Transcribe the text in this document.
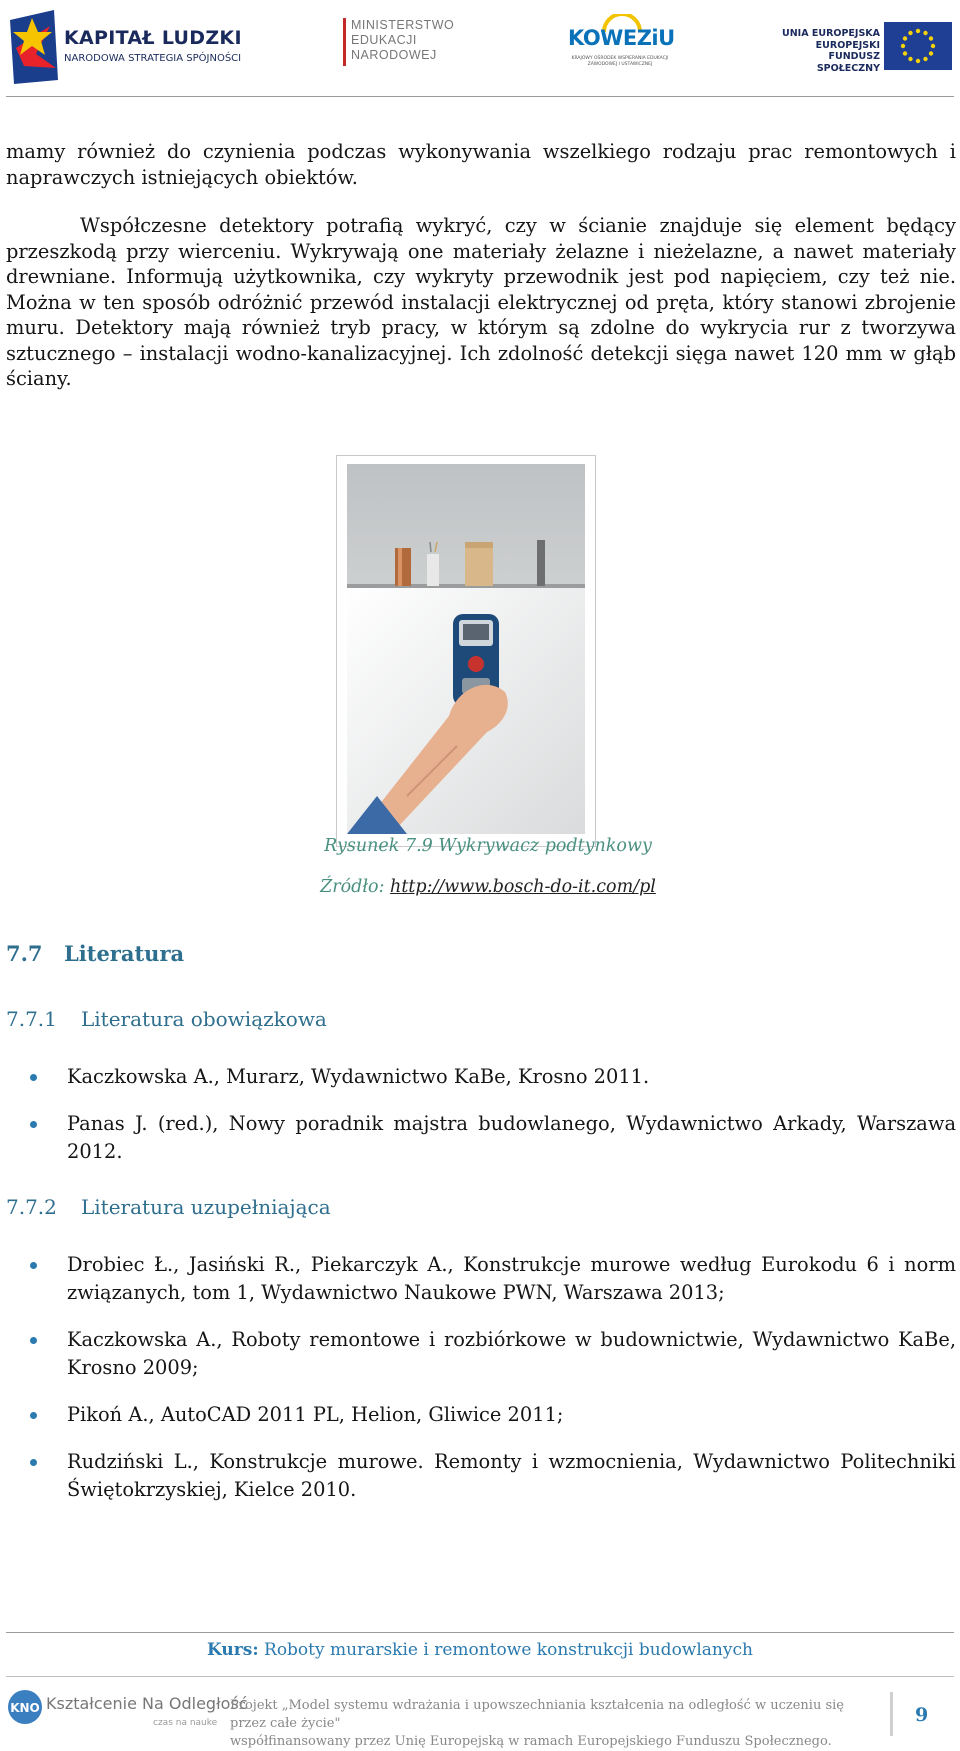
KAPITAŁ LUDZKI
NARODOWA STRATEGIA SPÓJNOŚCI
MINISTERSTWO
EDUKACJI
NARODOWEJ
KOWEZiU
KRAJOWY OŚRODEK WSPIERANIA EDUKACJI ZAWODOWEJ I USTAWICZNEJ
UNIA EUROPEJSKA
EUROPEJSKI
FUNDUSZ SPOŁECZNY

mamy również do czynienia podczas wykonywania wszelkiego rodzaju prac remontowych i naprawczych istniejących obiektów.

Współczesne detektory potrafią wykryć, czy w ścianie znajduje się element będący przeszkodą przy wierceniu. Wykrywają one materiały żelazne i nieżelazne, a nawet materiały drewniane. Informują użytkownika, czy wykryty przewodnik jest pod napięciem, czy też nie. Można w ten sposób odróżnić przewód instalacji elektrycznej od pręta, który stanowi zbrojenie muru. Detektory mają również tryb pracy, w którym są zdolne do wykrycia rur z tworzywa sztucznego – instalacji wodno-kanalizacyjnej. Ich zdolność detekcji sięga nawet 120 mm w głąb ściany.

Rysunek 7.9 Wykrywacz podtynkowy
Źródło: http://www.bosch-do-it.com/pl
7.7 Literatura
7.7.1 Literatura obowiązkowa
Kaczkowska A., Murarz, Wydawnictwo KaBe, Krosno 2011.
Panas J. (red.), Nowy poradnik majstra budowlanego, Wydawnictwo Arkady, Warszawa 2012.
7.7.2 Literatura uzupełniająca
Drobiec Ł., Jasiński R., Piekarczyk A., Konstrukcje murowe według Eurokodu 6 i norm związanych, tom 1, Wydawnictwo Naukowe PWN, Warszawa 2013;
Kaczkowska A., Roboty remontowe i rozbiórkowe w budownictwie, Wydawnictwo KaBe, Krosno 2009;
Pikoń A., AutoCAD 2011 PL, Helion, Gliwice 2011;
Rudziński L., Konstrukcje murowe. Remonty i wzmocnienia, Wydawnictwo Politechniki Świętokrzyskiej, Kielce 2010.
Kurs: Roboty murarskie i remontowe konstrukcji budowlanych
KNO Kształcenie Na Odległość
czas na nauke
Projekt „Model systemu wdrażania i upowszechniania kształcenia na odległość w uczeniu się przez całe życie"
współfinansowany przez Unię Europejską w ramach Europejskiego Funduszu Społecznego.
9
